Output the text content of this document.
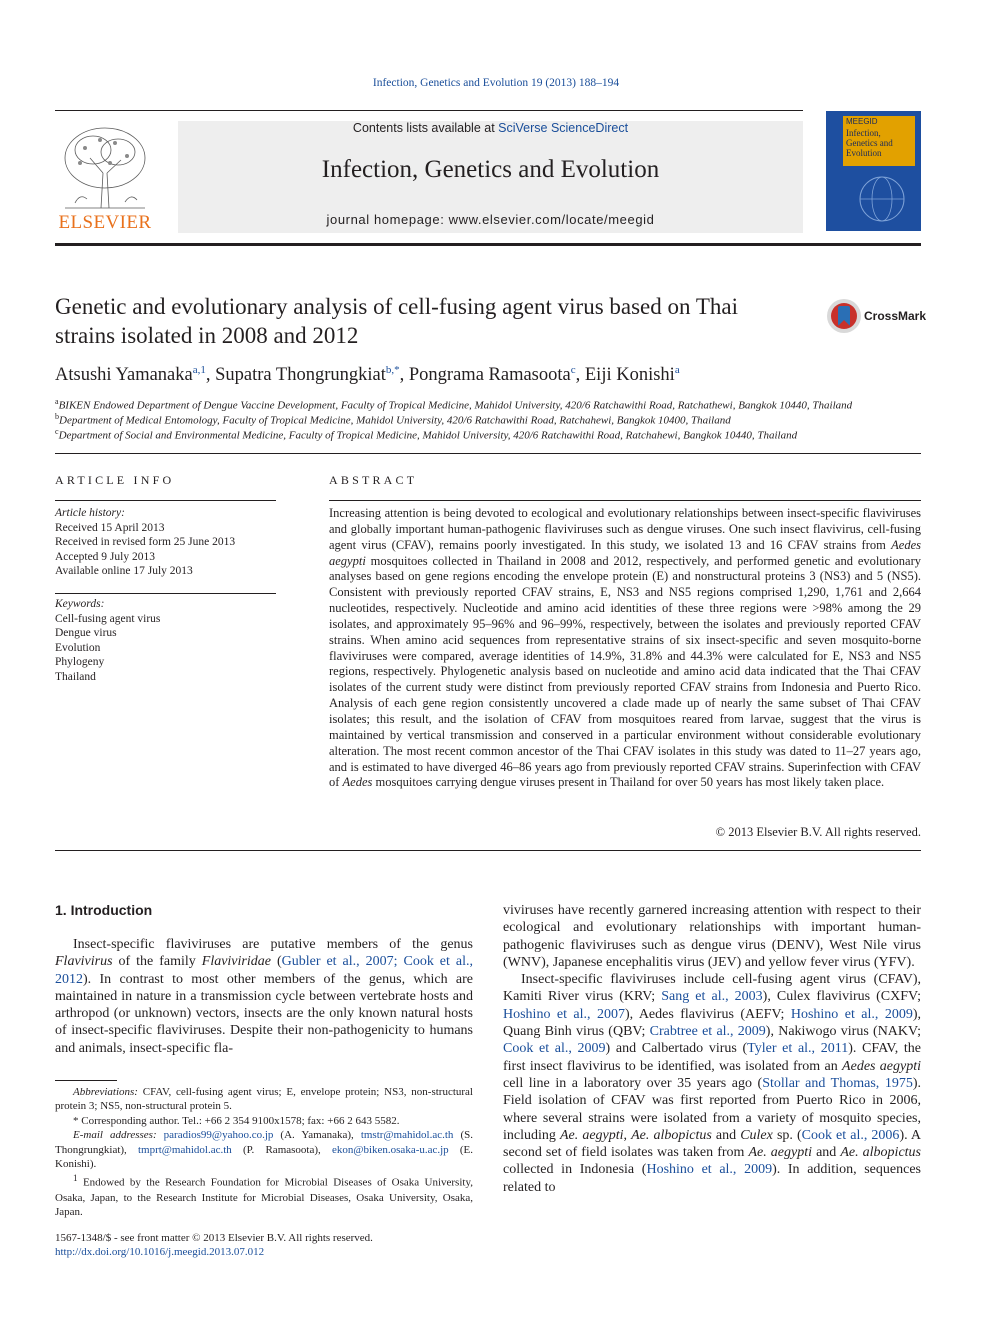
Infection, Genetics and Evolution 19 (2013) 188–194
ELSEVIER
Contents lists available at SciVerse ScienceDirect
Infection, Genetics and Evolution
journal homepage: www.elsevier.com/locate/meegid
MEEGID
Infection, Genetics and Evolution
Genetic and evolutionary analysis of cell-fusing agent virus based on Thai strains isolated in 2008 and 2012
CrossMark
Atsushi Yamanaka$^{a,1}$, Supatra Thongrungkiat$^{b,*}$, Pongrama Ramasoota$^c$, Eiji Konishi$^a$
$^a$BIKEN Endowed Department of Dengue Vaccine Development, Faculty of Tropical Medicine, Mahidol University, 420/6 Ratchawithi Road, Ratchathewi, Bangkok 10440, Thailand
$^b$Department of Medical Entomology, Faculty of Tropical Medicine, Mahidol University, 420/6 Ratchawithi Road, Ratchahewi, Bangkok 10400, Thailand
$^c$Department of Social and Environmental Medicine, Faculty of Tropical Medicine, Mahidol University, 420/6 Ratchawithi Road, Ratchahewi, Bangkok 10440, Thailand
ARTICLE INFO
Article history:
Received 15 April 2013
Received in revised form 25 June 2013
Accepted 9 July 2013
Available online 17 July 2013
Keywords:
Cell-fusing agent virus
Dengue virus
Evolution
Phylogeny
Thailand
ABSTRACT
Increasing attention is being devoted to ecological and evolutionary relationships between insect-specific flaviviruses and globally important human-pathogenic flaviviruses such as dengue viruses. One such insect flavivirus, cell-fusing agent virus (CFAV), remains poorly investigated. In this study, we isolated 13 and 16 CFAV strains from Aedes aegypti mosquitoes collected in Thailand in 2008 and 2012, respectively, and performed genetic and evolutionary analyses based on gene regions encoding the envelope protein (E) and nonstructural proteins 3 (NS3) and 5 (NS5). Consistent with previously reported CFAV strains, E, NS3 and NS5 regions comprised 1,290, 1,761 and 2,664 nucleotides, respectively. Nucleotide and amino acid identities of these three regions were >98% among the 29 isolates, and approximately 95–96% and 96–99%, respectively, between the isolates and previously reported CFAV strains. When amino acid sequences from representative strains of six insect-specific and seven mosquito-borne flaviviruses were compared, average identities of 14.9%, 31.8% and 44.3% were calculated for E, NS3 and NS5 regions, respectively. Phylogenetic analysis based on nucleotide and amino acid data indicated that the Thai CFAV isolates of the current study were distinct from previously reported CFAV strains from Indonesia and Puerto Rico. Analysis of each gene region consistently uncovered a clade made up of nearly the same subset of Thai CFAV isolates; this result, and the isolation of CFAV from mosquitoes reared from larvae, suggest that the virus is maintained by vertical transmission and conserved in a particular environment without considerable evolutionary alteration. The most recent common ancestor of the Thai CFAV isolates in this study was dated to 11–27 years ago, and is estimated to have diverged 46–86 years ago from previously reported CFAV strains. Superinfection with CFAV of Aedes mosquitoes carrying dengue viruses present in Thailand for over 50 years has most likely taken place.
© 2013 Elsevier B.V. All rights reserved.
1. Introduction

Insect-specific flaviviruses are putative members of the genus Flavivirus of the family Flaviviridae (Gubler et al., 2007; Cook et al., 2012). In contrast to most other members of the genus, which are maintained in nature in a transmission cycle between vertebrate hosts and arthropod (or unknown) vectors, insects are the only known natural hosts of insect-specific flaviviruses. Despite their non-pathogenicity to humans and animals, insect-specific fla-

viviruses have recently garnered increasing attention with respect to their ecological and evolutionary relationships with important human-pathogenic flaviviruses such as dengue virus (DENV), West Nile virus (WNV), Japanese encephalitis virus (JEV) and yellow fever virus (YFV).

Insect-specific flaviviruses include cell-fusing agent virus (CFAV), Kamiti River virus (KRV; Sang et al., 2003), Culex flavivirus (CXFV; Hoshino et al., 2007), Aedes flavivirus (AEFV; Hoshino et al., 2009), Quang Binh virus (QBV; Crabtree et al., 2009), Nakiwogo virus (NAKV; Cook et al., 2009) and Calbertado virus (Tyler et al., 2011). CFAV, the first insect flavivirus to be identified, was isolated from an Aedes aegypti cell line in a laboratory over 35 years ago (Stollar and Thomas, 1975). Field isolation of CFAV was first reported from Puerto Rico in 2006, where several strains were isolated from a variety of mosquito species, including Ae. aegypti, Ae. albopictus and Culex sp. (Cook et al., 2006). A second set of field isolates was taken from Ae. aegypti and Ae. albopictus collected in Indonesia (Hoshino et al., 2009). In addition, sequences related to

Abbreviations: CFAV, cell-fusing agent virus; E, envelope protein; NS3, non-structural protein 3; NS5, non-structural protein 5.

* Corresponding author. Tel.: +66 2 354 9100x1578; fax: +66 2 643 5582.

E-mail addresses: paradios99@yahoo.co.jp (A. Yamanaka), tmstr@mahidol.ac.th (S. Thongrungkiat), tmprt@mahidol.ac.th (P. Ramasoota), ekon@biken.osaka-u.ac.jp (E. Konishi).

$^1$ Endowed by the Research Foundation for Microbial Diseases of Osaka University, Osaka, Japan, to the Research Institute for Microbial Diseases, Osaka University, Osaka, Japan.

1567-1348/$ - see front matter © 2013 Elsevier B.V. All rights reserved.
http://dx.doi.org/10.1016/j.meegid.2013.07.012
